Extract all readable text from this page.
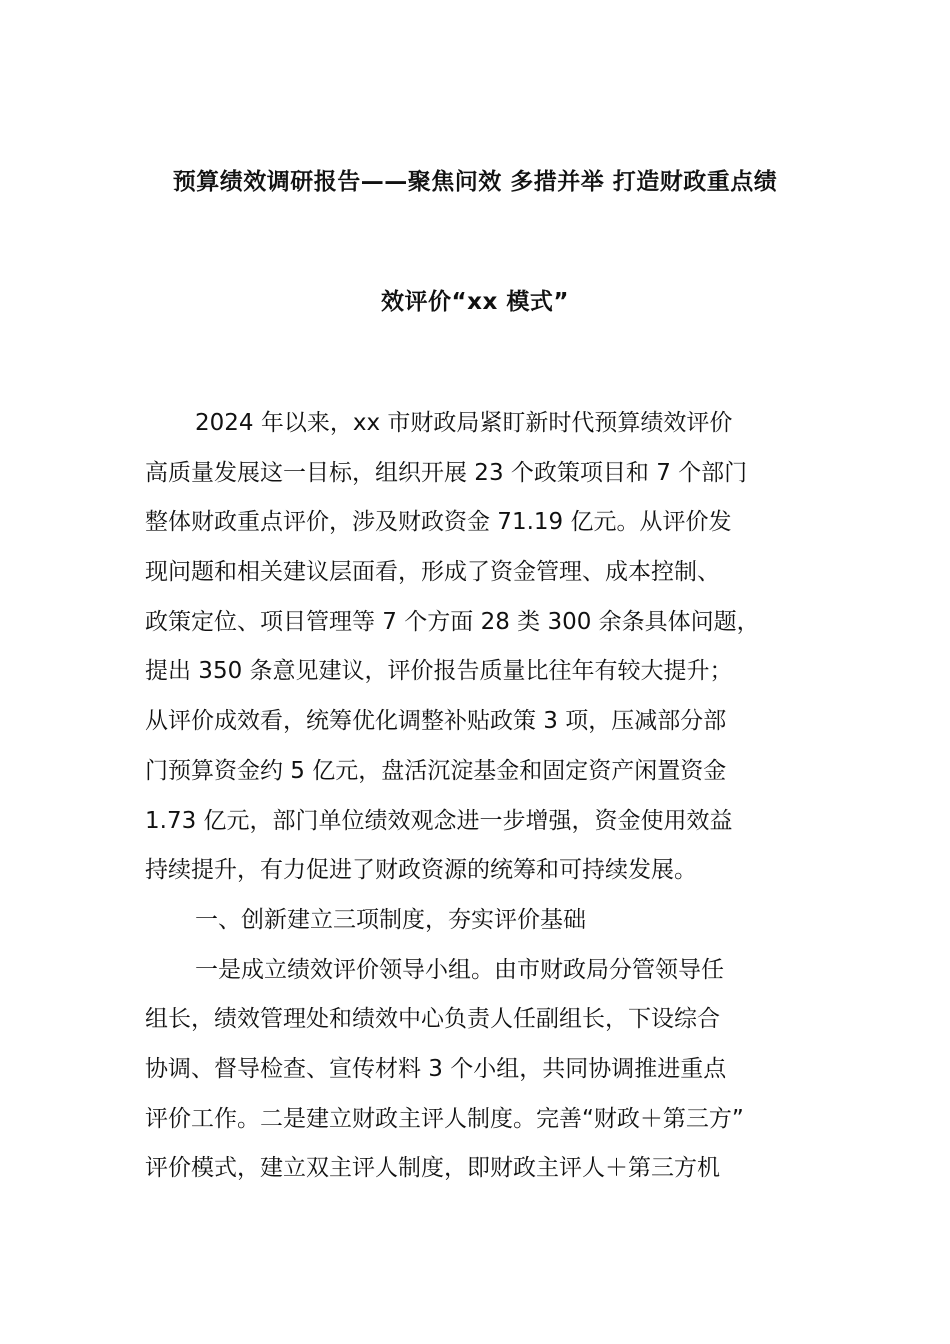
预算绩效调研报告——聚焦问效 多措并举 打造财政重点绩
效评价“xx 模式”

2024 年以来，xx 市财政局紧盯新时代预算绩效评价
高质量发展这一目标，组织开展 23 个政策项目和 7 个部门
整体财政重点评价，涉及财政资金 71.19 亿元。从评价发
现问题和相关建议层面看，形成了资金管理、成本控制、
政策定位、项目管理等 7 个方面 28 类 300 余条具体问题，
提出 350 条意见建议，评价报告质量比往年有较大提升；
从评价成效看，统筹优化调整补贴政策 3 项，压减部分部
门预算资金约 5 亿元，盘活沉淀基金和固定资产闲置资金
1.73 亿元，部门单位绩效观念进一步增强，资金使用效益
持续提升，有力促进了财政资源的统筹和可持续发展。

一、创新建立三项制度，夯实评价基础

一是成立绩效评价领导小组。由市财政局分管领导任
组长，绩效管理处和绩效中心负责人任副组长，下设综合
协调、督导检查、宣传材料 3 个小组，共同协调推进重点
评价工作。二是建立财政主评人制度。完善“财政＋第三方”
评价模式，建立双主评人制度，即财政主评人＋第三方机
